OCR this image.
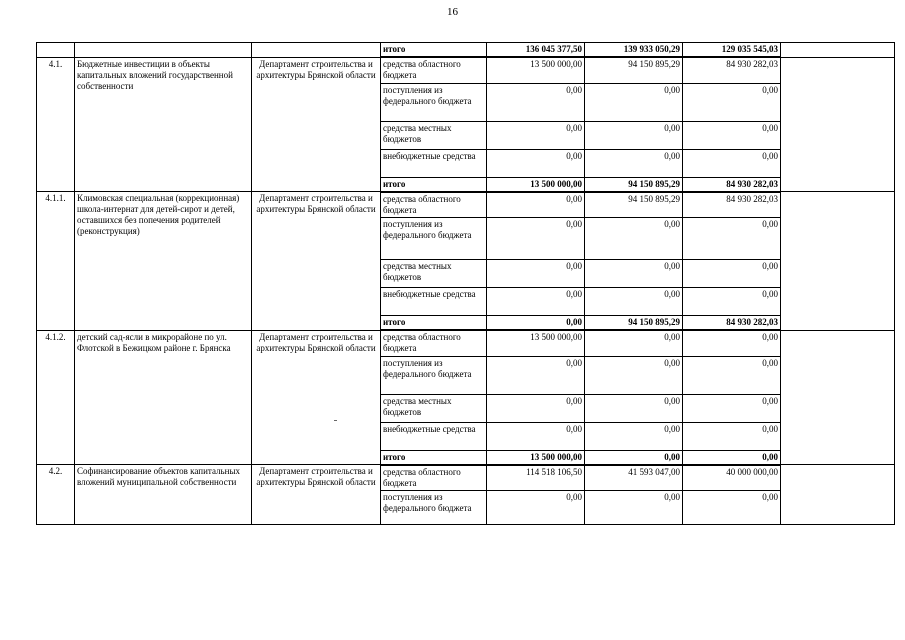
16
			итого	136 045 377,50	139 933 050,29	129 035 545,03	
4.1.	Бюджетные инвестиции в объекты капитальных вложений государственной собственности	Департамент строительства и архитектуры Брянской области	средства областного бюджета	13 500 000,00	94 150 895,29	84 930 282,03	
			поступления из федерального бюджета	0,00	0,00	0,00	
			средства местных бюджетов	0,00	0,00	0,00	
			внебюджетные средства	0,00	0,00	0,00	
			итого	13 500 000,00	94 150 895,29	84 930 282,03	
4.1.1.	Климовская специальная (коррекционная) школа-интернат для детей-сирот и детей, оставшихся без попечения родителей (реконструкция)	Департамент строительства и архитектуры Брянской области	средства областного бюджета	0,00	94 150 895,29	84 930 282,03	
			поступления из федерального бюджета	0,00	0,00	0,00	
			средства местных бюджетов	0,00	0,00	0,00	
			внебюджетные средства	0,00	0,00	0,00	
			итого	0,00	94 150 895,29	84 930 282,03	
4.1.2.	детский сад-ясли в микрорайоне по ул. Флотской в Бежицком районе г. Брянска	Департамент строительства и архитектуры Брянской области	средства областного бюджета	13 500 000,00	0,00	0,00	
			поступления из федерального бюджета	0,00	0,00	0,00	
			средства местных бюджетов	0,00	0,00	0,00	
			внебюджетные средства	0,00	0,00	0,00	
			итого	13 500 000,00	0,00	0,00	
4.2.	Софинансирование объектов капитальных вложений муниципальной собственности	Департамент строительства и архитектуры Брянской области	средства областного бюджета	114 518 106,50	41 593 047,00	40 000 000,00	
			поступления из федерального бюджета	0,00	0,00	0,00	
